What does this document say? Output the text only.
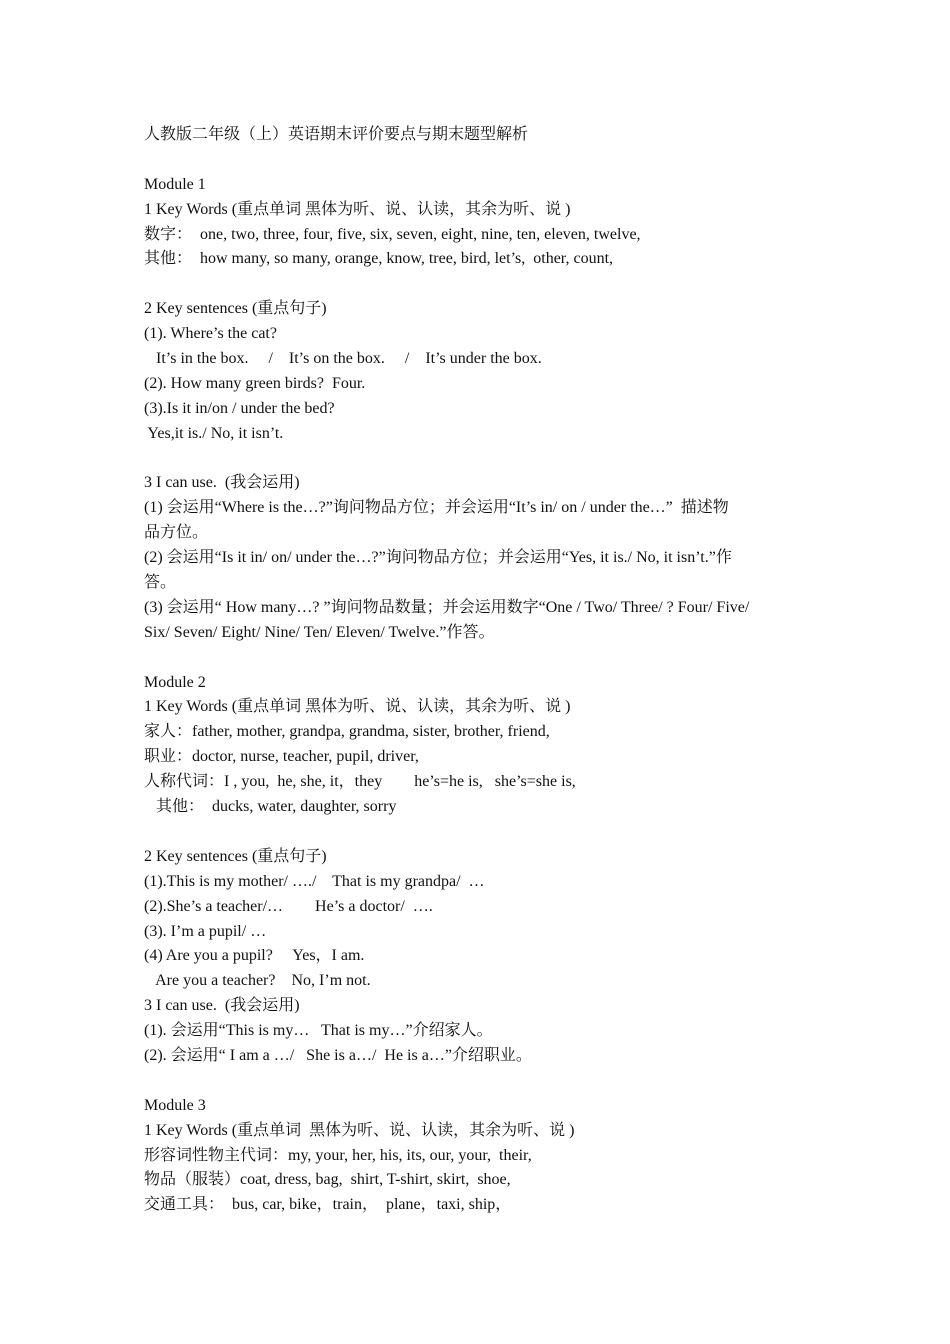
人教版二年级（上）英语期末评价要点与期末题型解析
Module 1
1 Key Words (重点单词 黑体为听、说、认读，其余为听、说 )
数字：  one, two, three, four, five, six, seven, eight, nine, ten, eleven, twelve,
其他：  how many, so many, orange, know, tree, bird, let’s,  other, count,
2 Key sentences (重点句子)
(1). Where’s the cat?
It’s in the box.     /    It’s on the box.     /    It’s under the box.
(2). How many green birds?  Four.
(3).Is it in/on / under the bed?
Yes,it is./ No, it isn’t.
3 I can use.  (我会运用)
(1) 会运用“Where is the…?”询问物品方位；并会运用“It’s in/ on / under the…”  描述物
品方位。
(2) 会运用“Is it in/ on/ under the…?”询问物品方位；并会运用“Yes, it is./ No, it isn’t.”作
答。
(3) 会运用“ How many…? ”询问物品数量；并会运用数字“One / Two/ Three/ ? Four/ Five/
Six/ Seven/ Eight/ Nine/ Ten/ Eleven/ Twelve.”作答。
Module 2
1 Key Words (重点单词 黑体为听、说、认读，其余为听、说 )
家人：father, mother, grandpa, grandma, sister, brother, friend,
职业：doctor, nurse, teacher, pupil, driver,
人称代词：I , you,  he, she, it，they        he’s=he is,   she’s=she is,
其他：  ducks, water, daughter, sorry
2 Key sentences (重点句子)
(1).This is my mother/ …./    That is my grandpa/  …
(2).She’s a teacher/…        He’s a doctor/  ….
(3). I’m a pupil/ …
(4) Are you a pupil?     Yes，I am.
Are you a teacher?    No, I’m not.
3 I can use.  (我会运用)
(1). 会运用“This is my…   That is my…”介绍家人。
(2). 会运用“ I am a …/   She is a…/  He is a…”介绍职业。
Module 3
1 Key Words (重点单词  黑体为听、说、认读，其余为听、说 )
形容词性物主代词：my, your, her, his, its, our, your,  their,
物品（服装）coat, dress, bag,  shirt, T-shirt, skirt,  shoe,
交通工具：  bus, car, bike，train，  plane，taxi, ship，
